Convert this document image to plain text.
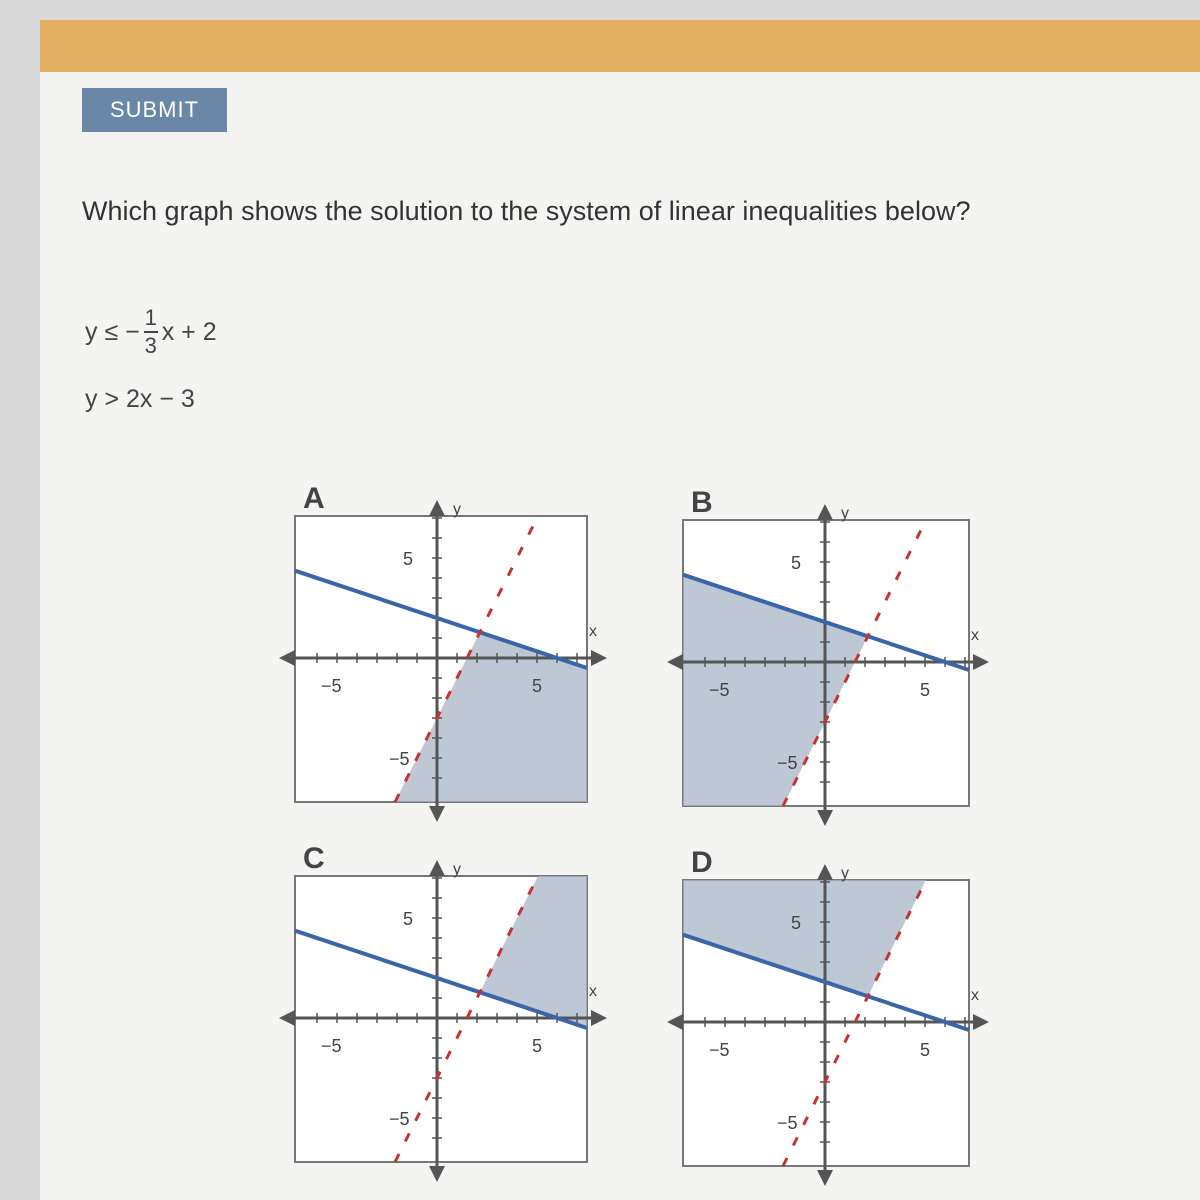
SUBMIT
Which graph shows the solution to the system of linear inequalities below?
y ≤ − $\frac{1}{3}$ x + 2
y > 2x − 3
A	y
x
5
−5
5
−5
B	y
x
5
−5
5
−5
C	y
x
5
−5
5
−5
D	y
x
5
−5
5
−5
